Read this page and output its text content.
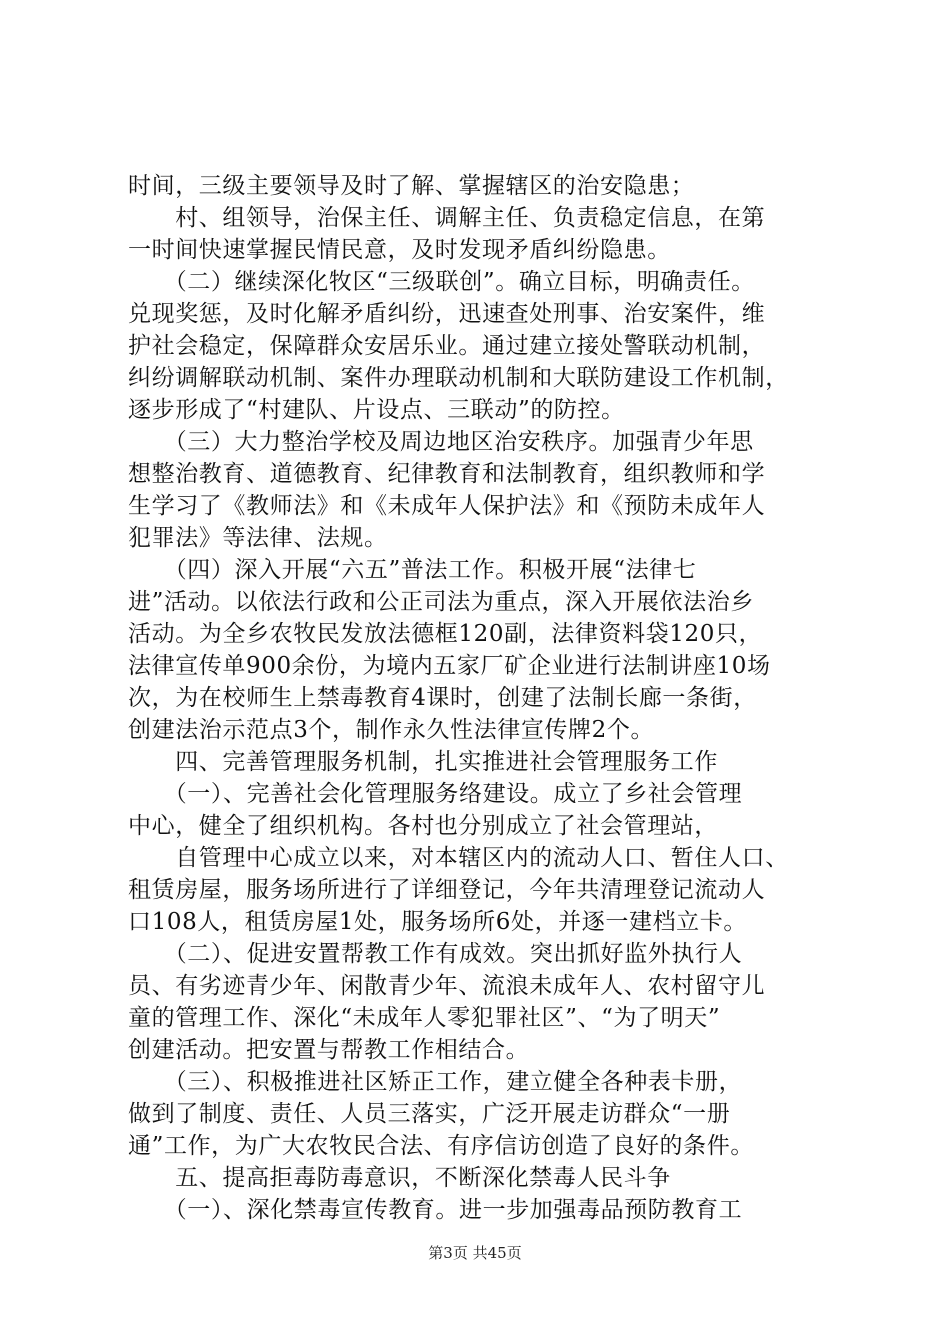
时间，三级主要领导及时了解、掌握辖区的治安隐患；
　　村、组领导，治保主任、调解主任、负责稳定信息，在第
一时间快速掌握民情民意，及时发现矛盾纠纷隐患。
　　（二）继续深化牧区“三级联创”。确立目标，明确责任。
兑现奖惩，及时化解矛盾纠纷，迅速查处刑事、治安案件，维
护社会稳定，保障群众安居乐业。通过建立接处警联动机制，
纠纷调解联动机制、案件办理联动机制和大联防建设工作机制，
逐步形成了“村建队、片设点、三联动”的防控。
　　（三）大力整治学校及周边地区治安秩序。加强青少年思
想整治教育、道德教育、纪律教育和法制教育，组织教师和学
生学习了《教师法》和《未成年人保护法》和《预防未成年人
犯罪法》等法律、法规。
　　（四）深入开展“六五”普法工作。积极开展“法律七
进”活动。以依法行政和公正司法为重点，深入开展依法治乡
活动。为全乡农牧民发放法德框120副，法律资料袋120只，
法律宣传单900余份，为境内五家厂矿企业进行法制讲座10场
次，为在校师生上禁毒教育4课时，创建了法制长廊一条街，
创建法治示范点3个，制作永久性法律宣传牌2个。
　　四、完善管理服务机制，扎实推进社会管理服务工作
　　（一）、完善社会化管理服务络建设。成立了乡社会管理
中心，健全了组织机构。各村也分别成立了社会管理站，
　　自管理中心成立以来，对本辖区内的流动人口、暂住人口、
租赁房屋，服务场所进行了详细登记，今年共清理登记流动人
口108人，租赁房屋1处，服务场所6处，并逐一建档立卡。
　　（二）、促进安置帮教工作有成效。突出抓好监外执行人
员、有劣迹青少年、闲散青少年、流浪未成年人、农村留守儿
童的管理工作、深化“未成年人零犯罪社区”、“为了明天”
创建活动。把安置与帮教工作相结合。
　　（三）、积极推进社区矫正工作，建立健全各种表卡册，
做到了制度、责任、人员三落实，广泛开展走访群众“一册
通”工作，为广大农牧民合法、有序信访创造了良好的条件。
　　五、提高拒毒防毒意识，不断深化禁毒人民斗争
　　（一）、深化禁毒宣传教育。进一步加强毒品预防教育工
第3页 共45页
